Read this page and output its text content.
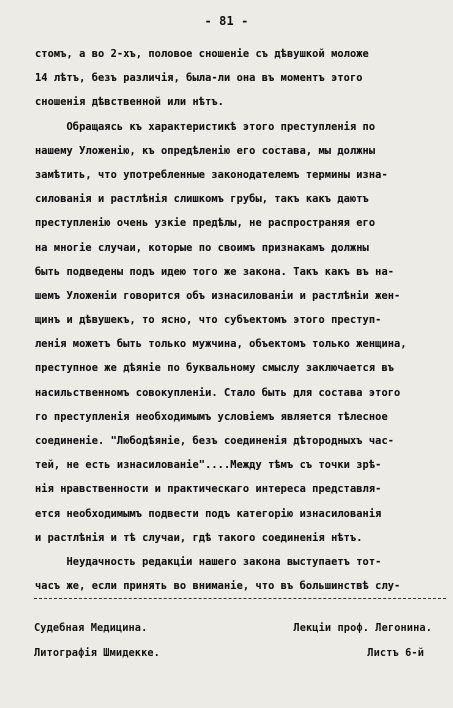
- 81 -
стомъ, а во 2-хъ, половое сношенiе съ дѣвушкой моложе
14 лѣтъ, безъ различiя, была-ли она въ моментъ этого
сношенiя дѣвственной или нѣтъ.
Обращаясь къ характеристикѣ этого преступленiя по
нашему Уложенiю, къ опредѣленiю его состава, мы должны
замѣтить, что употребленные законодателемъ термины изна-
силованiя и растлѣнiя слишкомъ грубы, такъ какъ даютъ
преступленiю очень узкiе предѣлы, не распространяя его
на многiе случаи, которые по своимъ признакамъ должны
быть подведены подъ идею того же закона. Такъ какъ въ на-
шемъ Уложенiи говорится объ изнасилованiи и растлѣнiи жен-
щинъ и дѣвушекъ, то ясно, что субъектомъ этого преступ-
ленiя можетъ быть только мужчина, объектомъ только женщина,
преступное же дѣянiе по буквальному смыслу заключается въ
насильственномъ совокупленiи. Стало быть для состава этого
го преступленiя необходимымъ условiемъ является тѣлесное
соединенiе. "Любодѣянiе, безъ соединенiя дѣтородныхъ час-
тей, не есть изнасилованiе"....Между тѣмъ съ точки зрѣ-
нiя нравственности и практическаго интереса представля-
ется необходимымъ подвести подъ категорiю изнасилованiя
и растлѣнiя и тѣ случаи, гдѣ такого соединенiя нѣтъ.
Неудачность редакцiи нашего закона выступаетъ тот-
часъ же, если принять во вниманiе, что въ большинствѣ слу-
Судебная Медицина.	Лекцiи проф. Легонина.
Литографiя Шмидекке.	Листъ 6-й
